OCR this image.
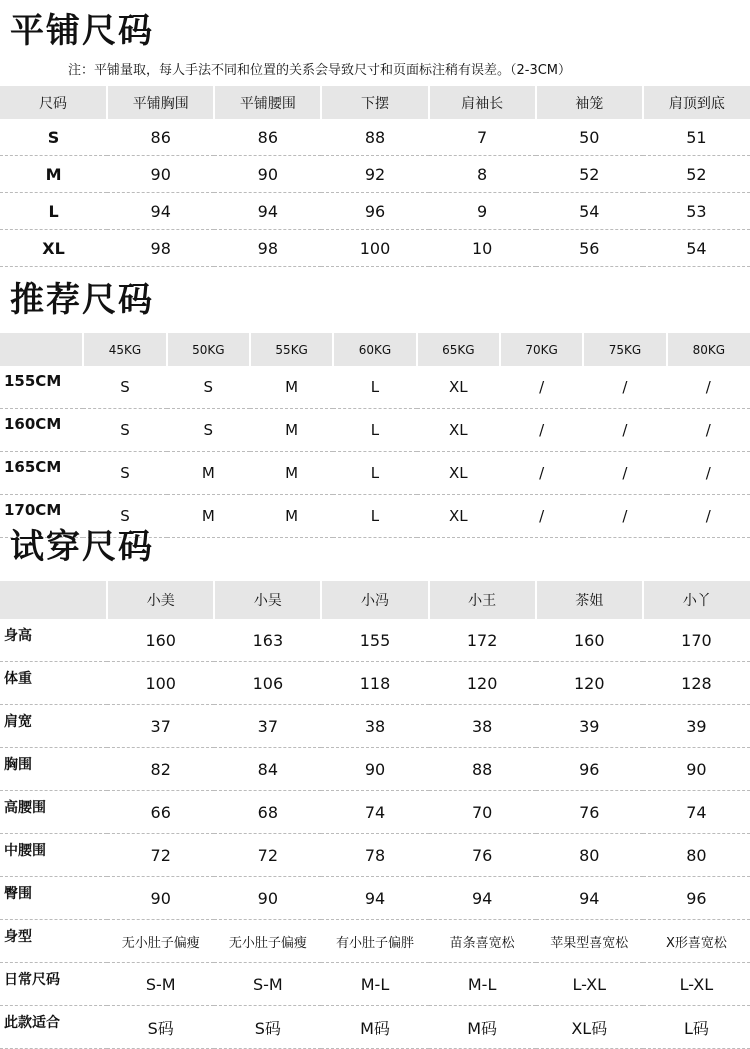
平铺尺码
注：平铺量取，每人手法不同和位置的关系会导致尺寸和页面标注稍有误差。（2-3CM）
尺码	平铺胸围	平铺腰围	下摆	肩袖长	袖笼	肩顶到底
S	86	86	88	7	50	51
M	90	90	92	8	52	52
L	94	94	96	9	54	53
XL	98	98	100	10	56	54
推荐尺码
	45KG	50KG	55KG	60KG	65KG	70KG	75KG	80KG
155CM	S	S	M	L	XL	/	/	/
160CM	S	S	M	L	XL	/	/	/
165CM	S	M	M	L	XL	/	/	/
170CM	S	M	M	L	XL	/	/	/
试穿尺码
	小美	小吴	小冯	小王	茶姐	小丫
身高	160	163	155	172	160	170
体重	100	106	118	120	120	128
肩宽	37	37	38	38	39	39
胸围	82	84	90	88	96	90
高腰围	66	68	74	70	76	74
中腰围	72	72	78	76	80	80
臀围	90	90	94	94	94	96
身型	无小肚子偏瘦	无小肚子偏瘦	有小肚子偏胖	苗条喜宽松	苹果型喜宽松	X形喜宽松
日常尺码	S-M	S-M	M-L	M-L	L-XL	L-XL
此款适合	S码	S码	M码	M码	XL码	L码
